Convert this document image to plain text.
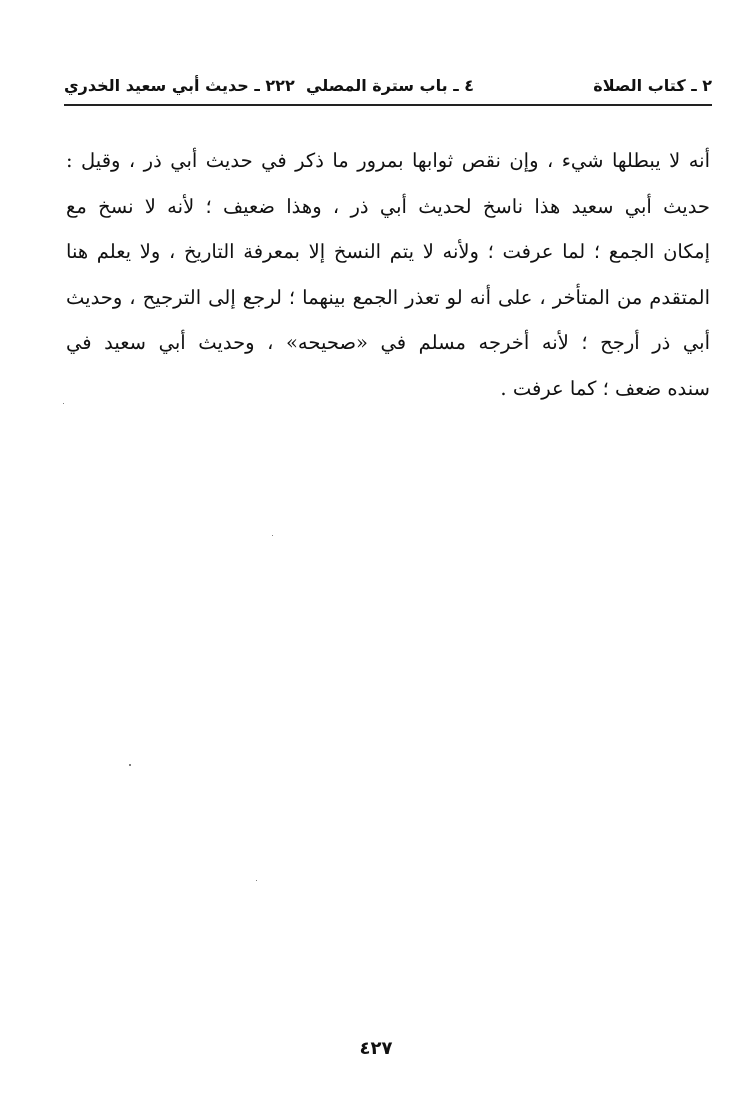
٢ ـ كتاب الصلاة
٤ ـ باب سترة المصلي
٢٢٢ ـ حديث أبي سعيد الخدري
أنه لا يبطلها شيء ، وإن نقص ثوابها بمرور ما ذكر في حديث أبي ذر ، وقيل :
حديث أبي سعيد هذا ناسخ لحديث أبي ذر ، وهذا ضعيف ؛ لأنه لا نسخ مع
إمكان الجمع ؛ لما عرفت ؛ ولأنه لا يتم النسخ إلا بمعرفة التاريخ ، ولا يعلم هنا
المتقدم من المتأخر ، على أنه لو تعذر الجمع بينهما ؛ لرجع إلى الترجيح ، وحديث
أبي ذر أرجح ؛ لأنه أخرجه مسلم في «صحيحه» ، وحديث أبي سعيد في
سنده ضعف ؛ كما عرفت .
٤٢٧
